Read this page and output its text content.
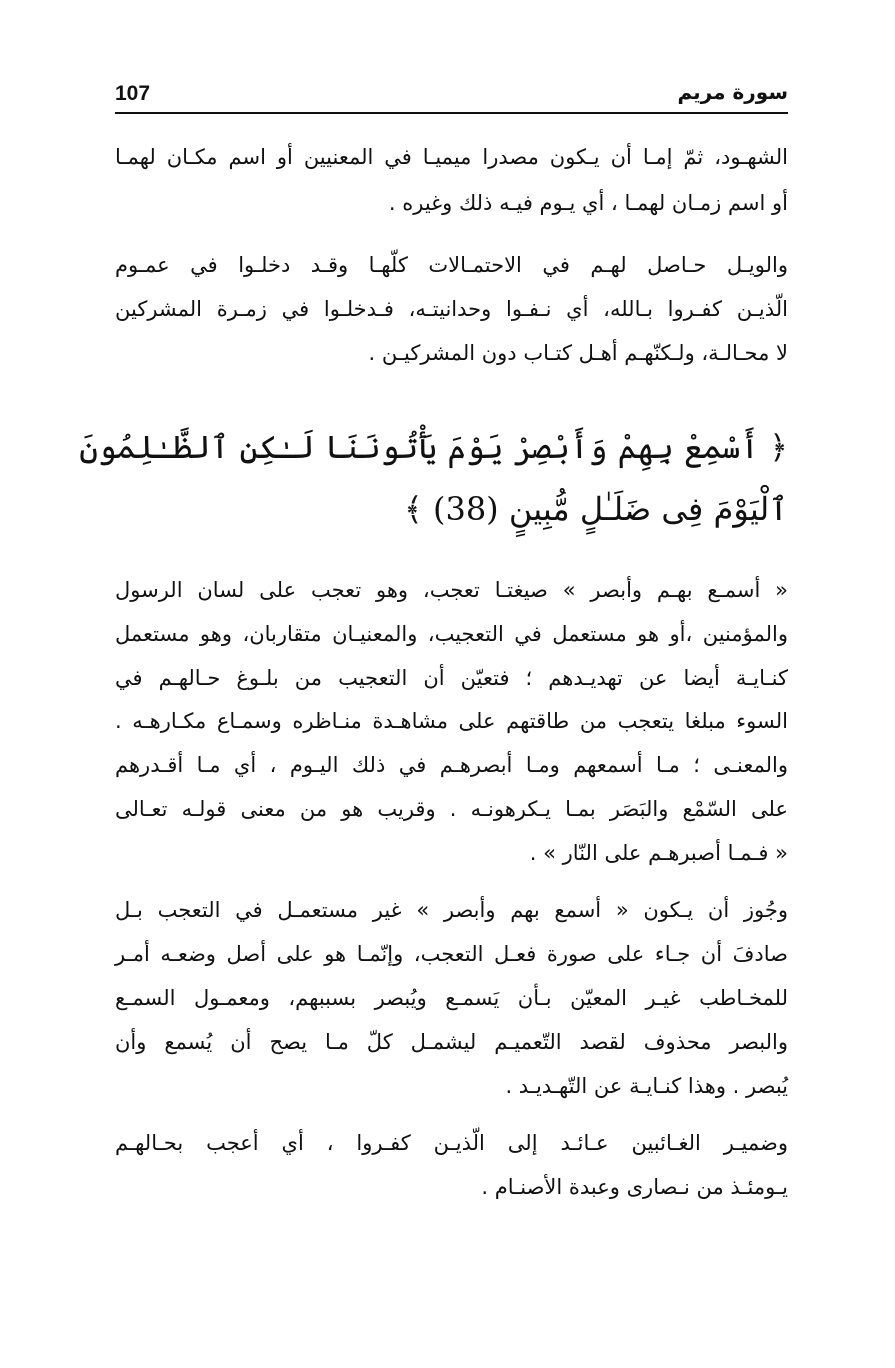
107	سورة مريم
الشهـود، ثمّ إمـا أن يـكون مصدرا ميميـا في المعنيين أو اسم مكـان لهمـا
أو اسم زمـان لهمـا ، أي يـوم فيـه ذلك وغيره .
والويـل حـاصل لهـم في الاحتمـالات كلّهـا وقـد دخلـوا في عمـوم
الّذيـن كفـروا بـالله، أي نـفـوا وحدانيتـه، فـدخلـوا في زمـرة المشركين
لا محـالـة، ولـكنّهـم أهـل كتـاب دون المشركيـن .
﴿ أَسْمِعْ بِهِمْ وَأَبْصِرْ يَوْمَ يَأْتُونَنَا لَـٰكِنِ ٱلظَّـٰلِمُونَ
ٱلْيَوْمَ فِى ضَلَـٰلٍ مُّبِينٍ (38) ﴾
« أسمـع بهـم وأبصر » صيغتـا تعجب، وهو تعجب على لسان الرسول
والمؤمنين ،أو هو مستعمل في التعجيب، والمعنيـان متقاربان، وهو مستعمل
كنـايـة أيضا عن تهديـدهم ؛ فتعيّن أن التعجيب من بلـوغ حـالهـم في
السوء مبلغا يتعجب من طاقتهم على مشاهـدة منـاظره وسمـاع مكـارهـه .
والمعنـى ؛ مـا أسمعهم ومـا أبصرهـم في ذلك اليـوم ، أي مـا أقـدرهم
على السّمْع والبَصَر بمـا يـكرهونـه . وقريب هو من معنى قولـه تعـالى
« فـمـا أصبرهـم على النّار » .
وجُوز أن يـكون « أسمع بهم وأبصر » غير مستعمـل في التعجب بـل
صادفَ أن جـاء على صورة فعـل التعجب، وإنّمـا هو على أصل وضعـه أمـر
للمخـاطب غيـر المعيّن بـأن يَسمـع ويُبصر بسببهم، ومعمـول السمـع
والبصر محذوف لقصد التّعميـم ليشمـل كلّ مـا يصح أن يُسمع وأن
يُبصر . وهذا كنـايـة عن التّهـديـد .
وضميـر الغـائبين عـائـد إلى الّذيـن كفـروا ، أي أعجب بحـالهـم
يـومئـذ من نـصارى وعبدة الأصنـام .
